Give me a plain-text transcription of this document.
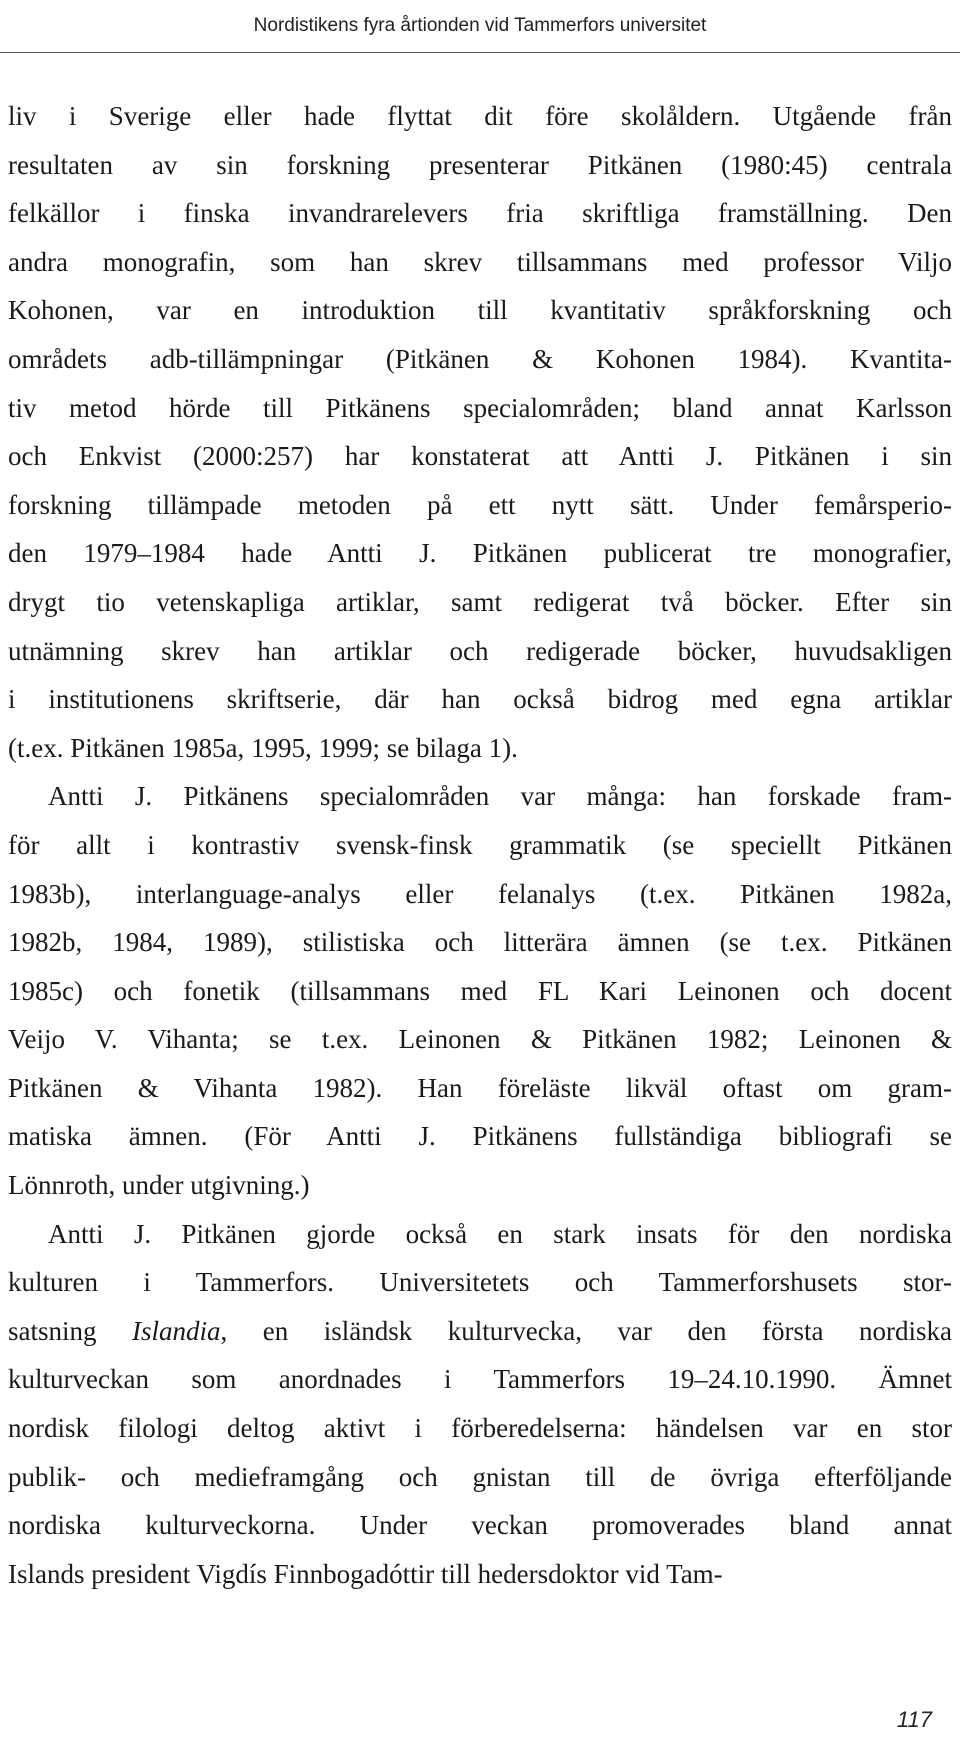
Nordistikens fyra årtionden vid Tammerfors universitet
liv i Sverige eller hade flyttat dit före skolåldern. Utgående från
resultaten av sin forskning presenterar Pitkänen (1980:45) centrala
felkällor i finska invandrarelevers fria skriftliga framställning. Den
andra monografin, som han skrev tillsammans med professor Viljo
Kohonen, var en introduktion till kvantitativ språkforskning och
områdets adb-tillämpningar (Pitkänen & Kohonen 1984). Kvantita-
tiv metod hörde till Pitkänens specialområden; bland annat Karlsson
och Enkvist (2000:257) har konstaterat att Antti J. Pitkänen i sin
forskning tillämpade metoden på ett nytt sätt. Under femårsperio-
den 1979–1984 hade Antti J. Pitkänen publicerat tre monografier,
drygt tio vetenskapliga artiklar, samt redigerat två böcker. Efter sin
utnämning skrev han artiklar och redigerade böcker, huvudsakligen
i institutionens skriftserie, där han också bidrog med egna artiklar
(t.ex. Pitkänen 1985a, 1995, 1999; se bilaga 1).
Antti J. Pitkänens specialområden var många: han forskade fram-
för allt i kontrastiv svensk-finsk grammatik (se speciellt Pitkänen
1983b), interlanguage-analys eller felanalys (t.ex. Pitkänen 1982a,
1982b, 1984, 1989), stilistiska och litterära ämnen (se t.ex. Pitkänen
1985c) och fonetik (tillsammans med FL Kari Leinonen och docent
Veijo V. Vihanta; se t.ex. Leinonen & Pitkänen 1982; Leinonen &
Pitkänen & Vihanta 1982). Han föreläste likväl oftast om gram-
matiska ämnen. (För Antti J. Pitkänens fullständiga bibliografi se
Lönnroth, under utgivning.)
Antti J. Pitkänen gjorde också en stark insats för den nordiska
kulturen i Tammerfors. Universitetets och Tammerforshusets stor-
satsning Islandia, en isländsk kulturvecka, var den första nordiska
kulturveckan som anordnades i Tammerfors 19–24.10.1990. Ämnet
nordisk filologi deltog aktivt i förberedelserna: händelsen var en stor
publik- och medieframgång och gnistan till de övriga efterföljande
nordiska kulturveckorna. Under veckan promoverades bland annat
Islands president Vigdís Finnbogadóttir till hedersdoktor vid Tam-
117
